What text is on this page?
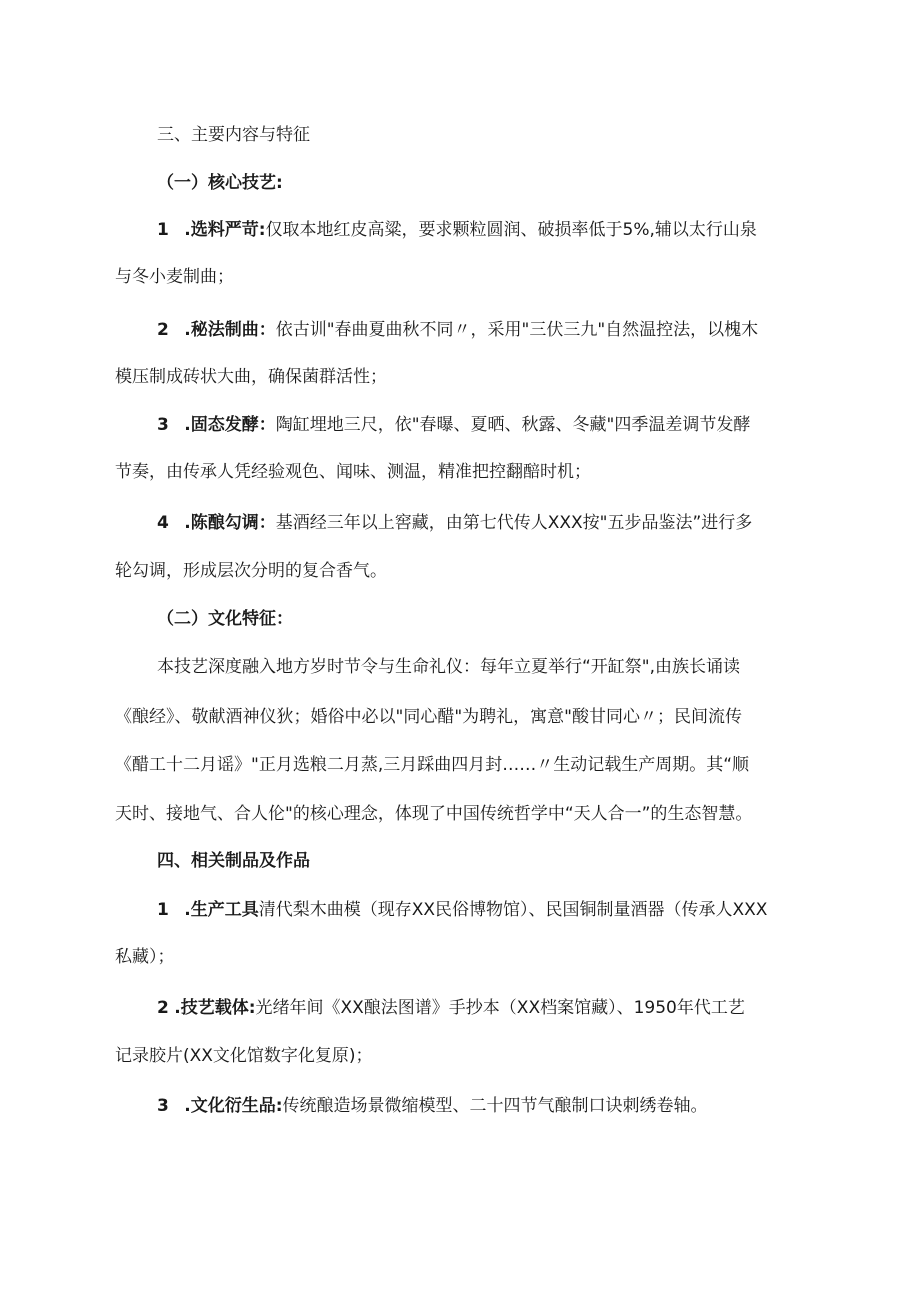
三、主要内容与特征
（一）核心技艺:
1 .选料严苛:仅取本地红皮高粱，要求颗粒圆润、破损率低于5%,辅以太行山泉
与冬小麦制曲；
2 .秘法制曲：依古训"春曲夏曲秋不同〃，采用"三伏三九"自然温控法，以槐木
模压制成砖状大曲，确保菌群活性；
3 .固态发酵：陶缸埋地三尺，依"春曝、夏晒、秋露、冬藏"四季温差调节发酵
节奏，由传承人凭经验观色、闻味、测温，精准把控翻醅时机；
4 .陈酿勾调：基酒经三年以上窖藏，由第七代传人XXX按"五步品鉴法”进行多
轮勾调，形成层次分明的复合香气。
（二）文化特征：
本技艺深度融入地方岁时节令与生命礼仪：每年立夏举行“开缸祭",由族长诵读
《酿经》、敬献酒神仪狄；婚俗中必以"同心醋"为聘礼，寓意"酸甘同心〃；民间流传
《醋工十二月谣》"正月选粮二月蒸,三月踩曲四月封……〃生动记载生产周期。其“顺
天时、接地气、合人伦"的核心理念，体现了中国传统哲学中“天人合一”的生态智慧。
四、相关制品及作品
1 .生产工具清代梨木曲模（现存XX民俗博物馆）、民国铜制量酒器（传承人XXX
私藏）；
2 .技艺载体:光绪年间《XX酿法图谱》手抄本（XX档案馆藏）、1950年代工艺
记录胶片(XX文化馆数字化复原)；
3 .文化衍生品:传统酿造场景微缩模型、二十四节气酿制口诀刺绣卷轴。
